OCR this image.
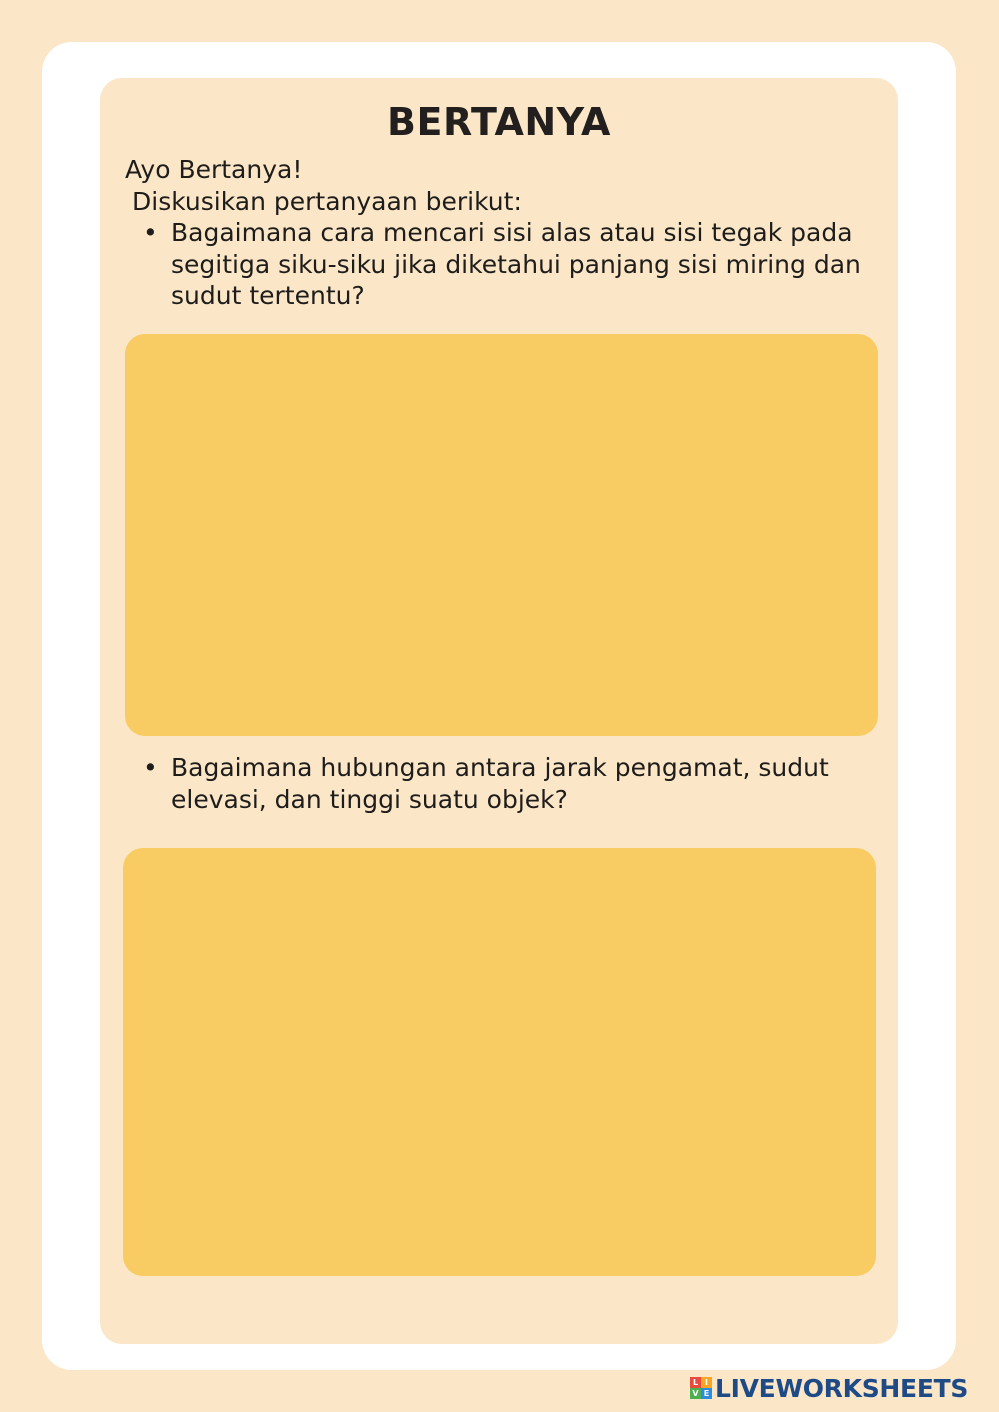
BERTANYA
Ayo Bertanya!
Diskusikan pertanyaan berikut:
• Bagaimana cara mencari sisi alas atau sisi tegak pada segitiga siku-siku jika diketahui panjang sisi miring dan sudut tertentu?
• Bagaimana hubungan antara jarak pengamat, sudut elevasi, dan tinggi suatu objek?
L I
V E LIVEWORKSHEETS
